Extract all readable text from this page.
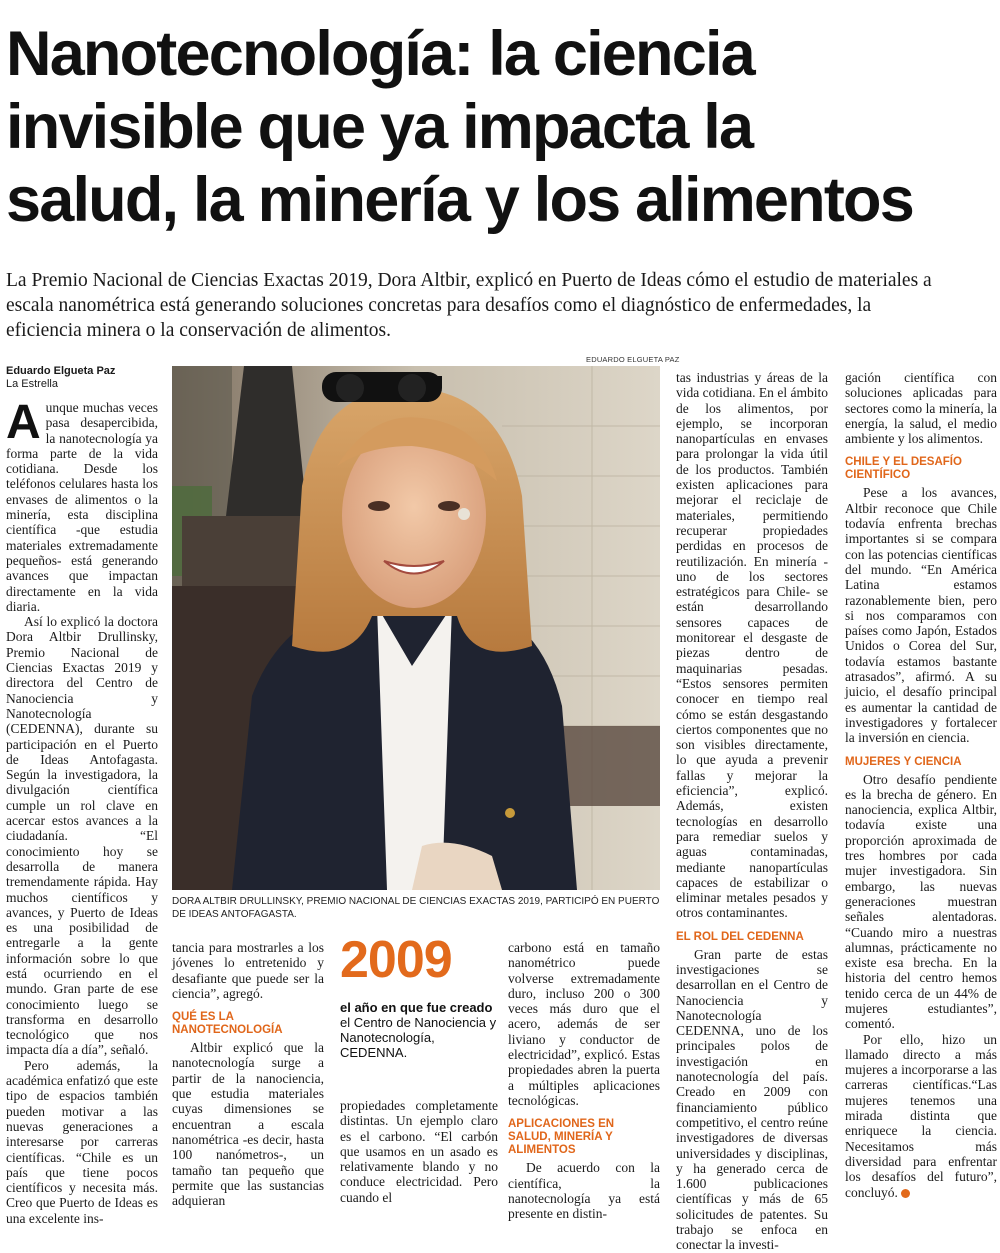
Nanotecnología: la ciencia
invisible que ya impacta la
salud, la minería y los alimentos

La Premio Nacional de Ciencias Exactas 2019, Dora Altbir, explicó en Puerto de Ideas cómo el estudio de materiales a
escala nanométrica está generando soluciones concretas para desafíos como el diagnóstico de enfermedades, la
eficiencia minera o la conservación de alimentos.

Eduardo Elgueta Paz
La Estrella
EDUARDO ELGUETA PAZ
DORA ALTBIR DRULLINSKY, PREMIO NACIONAL DE CIENCIAS EXACTAS 2019, PARTICIPÓ EN PUERTO DE IDEAS ANTOFAGASTA.
A unque muchas veces pasa desapercibida, la nanotecnología ya forma parte de la vida cotidiana. Desde los teléfonos celulares hasta los envases de alimentos o la minería, esta disciplina científica -que estudia materiales extremadamente pequeños- está generando avances que impactan directamente en la vida diaria.

Así lo explicó la doctora Dora Altbir Drullinsky, Premio Nacional de Ciencias Exactas 2019 y directora del Centro de Nanociencia y Nanotecnología (CEDENNA), durante su participación en el Puerto de Ideas Antofagasta. Según la investigadora, la divulgación científica cumple un rol clave en acercar estos avances a la ciudadanía. “El conocimiento hoy se desarrolla de manera tremendamente rápida. Hay muchos científicos y avances, y Puerto de Ideas es una posibilidad de entregarle a la gente información sobre lo que está ocurriendo en el mundo. Gran parte de ese conocimiento luego se transforma en desarrollo tecnológico que nos impacta día a día”, señaló.

Pero además, la académica enfatizó que este tipo de espacios también pueden motivar a las nuevas generaciones a interesarse por carreras científicas. “Chile es un país que tiene pocos científicos y necesita más. Creo que Puerto de Ideas es una excelente ins-

tancia para mostrarles a los jóvenes lo entretenido y desafiante que puede ser la ciencia”, agregó.

QUÉ ES LA NANOTECNOLOGÍA

Altbir explicó que la nanotecnología surge a partir de la nanociencia, que estudia materiales cuyas dimensiones se encuentran a escala nanométrica -es decir, hasta 100 nanómetros-, un tamaño tan pequeño que permite que las sustancias adquieran

2009
el año en que fue creado el Centro de Nanociencia y Nanotecnología, CEDENNA.

propiedades completamente distintas. Un ejemplo claro es el carbono. “El carbón que usamos en un asado es relativamente blando y no conduce electricidad. Pero cuando el

carbono está en tamaño nanométrico puede volverse extremadamente duro, incluso 200 o 300 veces más duro que el acero, además de ser liviano y conductor de electricidad”, explicó. Estas propiedades abren la puerta a múltiples aplicaciones tecnológicas.

APLICACIONES EN SALUD, MINERÍA Y ALIMENTOS

De acuerdo con la científica, la nanotecnología ya está presente en distin-

tas industrias y áreas de la vida cotidiana. En el ámbito de los alimentos, por ejemplo, se incorporan nanopartículas en envases para prolongar la vida útil de los productos. También existen aplicaciones para mejorar el reciclaje de materiales, permitiendo recuperar propiedades perdidas en procesos de reutilización. En minería -uno de los sectores estratégicos para Chile- se están desarrollando sensores capaces de monitorear el desgaste de piezas dentro de maquinarias pesadas. “Estos sensores permiten conocer en tiempo real cómo se están desgastando ciertos componentes que no son visibles directamente, lo que ayuda a prevenir fallas y mejorar la eficiencia”, explicó. Además, existen tecnologías en desarrollo para remediar suelos y aguas contaminadas, mediante nanopartículas capaces de estabilizar o eliminar metales pesados y otros contaminantes.

EL ROL DEL CEDENNA

Gran parte de estas investigaciones se desarrollan en el Centro de Nanociencia y Nanotecnología CEDENNA, uno de los principales polos de investigación en nanotecnología del país. Creado en 2009 con financiamiento público competitivo, el centro reúne investigadores de diversas universidades y disciplinas, y ha generado cerca de 1.600 publicaciones científicas y más de 65 solicitudes de patentes. Su trabajo se enfoca en conectar la investi-

gación científica con soluciones aplicadas para sectores como la minería, la energía, la salud, el medio ambiente y los alimentos.

CHILE Y EL DESAFÍO CIENTÍFICO

Pese a los avances, Altbir reconoce que Chile todavía enfrenta brechas importantes si se compara con las potencias científicas del mundo. “En América Latina estamos razonablemente bien, pero si nos comparamos con países como Japón, Estados Unidos o Corea del Sur, todavía estamos bastante atrasados”, afirmó. A su juicio, el desafío principal es aumentar la cantidad de investigadores y fortalecer la inversión en ciencia.

MUJERES Y CIENCIA

Otro desafío pendiente es la brecha de género. En nanociencia, explica Altbir, todavía existe una proporción aproximada de tres hombres por cada mujer investigadora. Sin embargo, las nuevas generaciones muestran señales alentadoras. “Cuando miro a nuestras alumnas, prácticamente no existe esa brecha. En la historia del centro hemos tenido cerca de un 44% de mujeres estudiantes”, comentó.

Por ello, hizo un llamado directo a más mujeres a incorporarse a las carreras científicas.“Las mujeres tenemos una mirada distinta que enriquece la ciencia. Necesitamos más diversidad para enfrentar los desafíos del futuro”, concluyó.	✪
